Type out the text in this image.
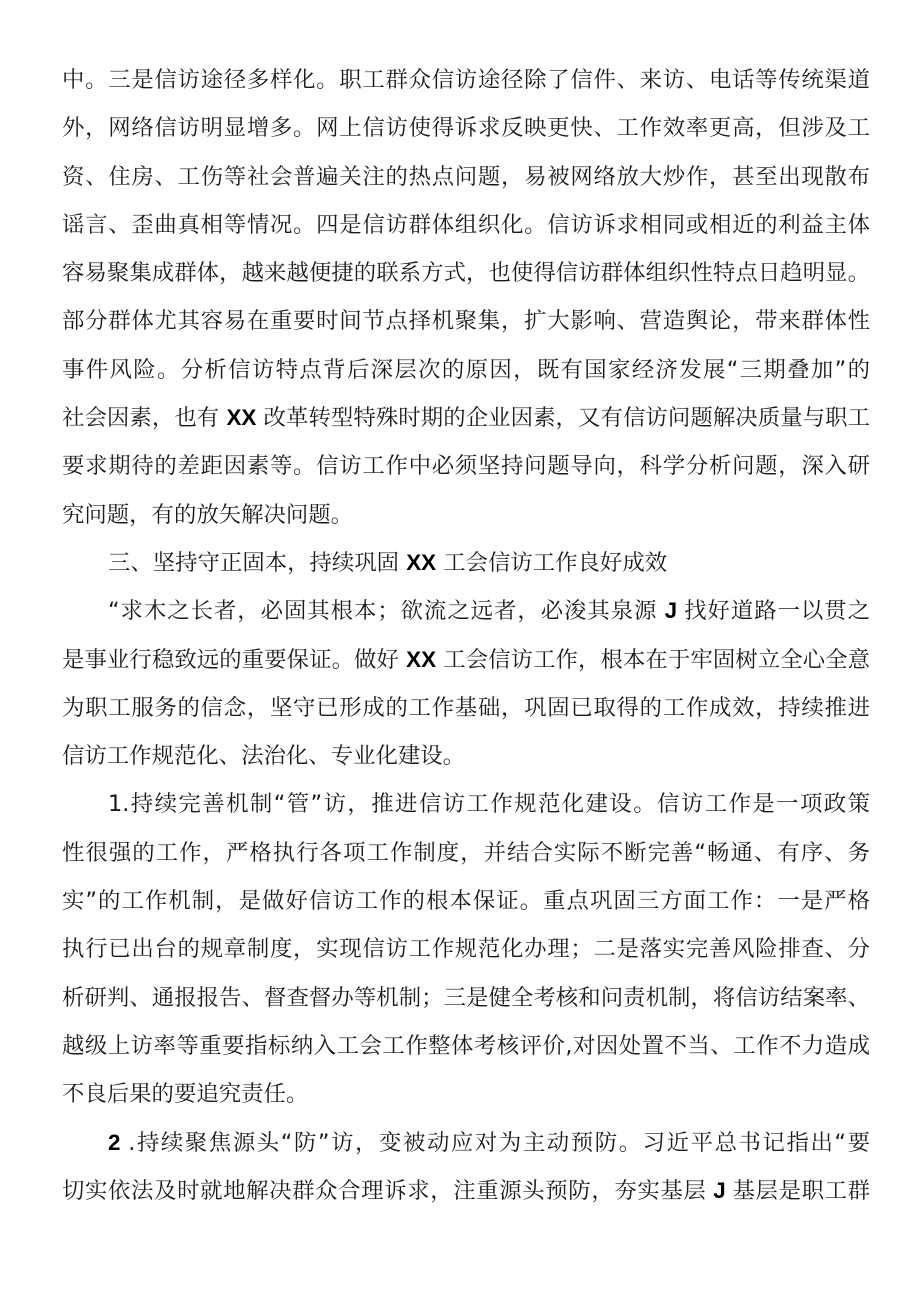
中。三是信访途径多样化。职工群众信访途径除了信件、来访、电话等传统渠道
外，网络信访明显增多。网上信访使得诉求反映更快、工作效率更高，但涉及工
资、住房、工伤等社会普遍关注的热点问题，易被网络放大炒作，甚至出现散布
谣言、歪曲真相等情况。四是信访群体组织化。信访诉求相同或相近的利益主体
容易聚集成群体，越来越便捷的联系方式，也使得信访群体组织性特点日趋明显。
部分群体尤其容易在重要时间节点择机聚集，扩大影响、营造舆论，带来群体性
事件风险。分析信访特点背后深层次的原因，既有国家经济发展“三期叠加”的
社会因素，也有 XX 改革转型特殊时期的企业因素，又有信访问题解决质量与职工
要求期待的差距因素等。信访工作中必须坚持问题导向，科学分析问题，深入研
究问题，有的放矢解决问题。
三、坚持守正固本，持续巩固 XX 工会信访工作良好成效
“求木之长者，必固其根本；欲流之远者，必浚其泉源 J 找好道路一以贯之
是事业行稳致远的重要保证。做好 XX 工会信访工作，根本在于牢固树立全心全意
为职工服务的信念，坚守已形成的工作基础，巩固已取得的工作成效，持续推进
信访工作规范化、法治化、专业化建设。
1.持续完善机制“管”访，推进信访工作规范化建设。信访工作是一项政策
性很强的工作，严格执行各项工作制度，并结合实际不断完善“畅通、有序、务
实”的工作机制，是做好信访工作的根本保证。重点巩固三方面工作：一是严格
执行已出台的规章制度，实现信访工作规范化办理；二是落实完善风险排查、分
析研判、通报报告、督查督办等机制；三是健全考核和问责机制，将信访结案率、
越级上访率等重要指标纳入工会工作整体考核评价,对因处置不当、工作不力造成
不良后果的要追究责任。
2 .持续聚焦源头“防”访，变被动应对为主动预防。习近平总书记指出“要
切实依法及时就地解决群众合理诉求，注重源头预防，夯实基层 J 基层是职工群
